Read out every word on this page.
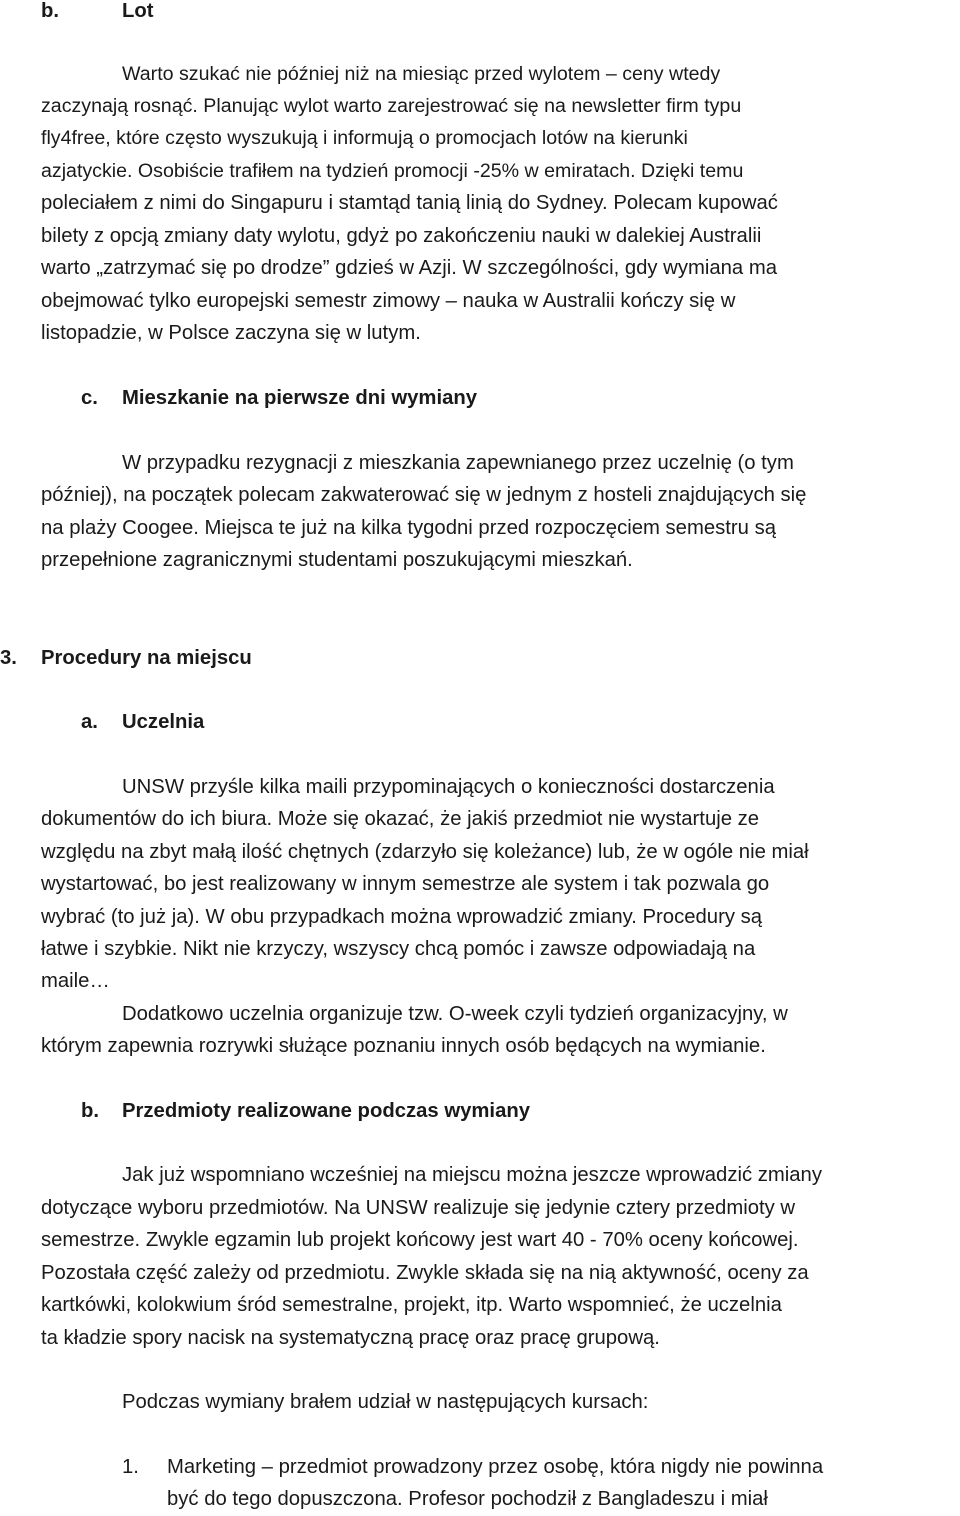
b.	Lot
Warto szukać nie później niż na miesiąc przed wylotem – ceny wtedy
zaczynają rosnąć. Planując wylot warto zarejestrować się na newsletter firm typu
fly4free, które często wyszukują i informują o promocjach lotów na kierunki
azjatyckie. Osobiście trafiłem na tydzień promocji -25% w emiratach. Dzięki temu
poleciałem z nimi do Singapuru i stamtąd tanią linią do Sydney. Polecam kupować
bilety z opcją zmiany daty wylotu, gdyż po zakończeniu nauki w dalekiej Australii
warto „zatrzymać się po drodze” gdzieś w Azji. W szczególności, gdy wymiana ma
obejmować tylko europejski semestr zimowy – nauka w Australii kończy się w
listopadzie, w Polsce zaczyna się w lutym.
c. Mieszkanie na pierwsze dni wymiany
W przypadku rezygnacji z mieszkania zapewnianego przez uczelnię (o tym
później), na początek polecam zakwaterować się w jednym z hosteli znajdujących się
na plaży Coogee. Miejsca te już na kilka tygodni przed rozpoczęciem semestru są
przepełnione zagranicznymi studentami poszukującymi mieszkań.
3. Procedury na miejscu
a. Uczelnia
UNSW przyśle kilka maili przypominających o konieczności dostarczenia
dokumentów do ich biura. Może się okazać, że jakiś przedmiot nie wystartuje ze
względu na zbyt małą ilość chętnych (zdarzyło się koleżance) lub, że w ogóle nie miał
wystartować, bo jest realizowany w innym semestrze ale system i tak pozwala go
wybrać (to już ja). W obu przypadkach można wprowadzić zmiany. Procedury są
łatwe i szybkie. Nikt nie krzyczy, wszyscy chcą pomóc i zawsze odpowiadają na
maile…
Dodatkowo uczelnia organizuje tzw. O-week czyli tydzień organizacyjny, w
którym zapewnia rozrywki służące poznaniu innych osób będących na wymianie.
b. Przedmioty realizowane podczas wymiany
Jak już wspomniano wcześniej na miejscu można jeszcze wprowadzić zmiany
dotyczące wyboru przedmiotów. Na UNSW realizuje się jedynie cztery przedmioty w
semestrze. Zwykle egzamin lub projekt końcowy jest wart 40 - 70% oceny końcowej.
Pozostała część zależy od przedmiotu. Zwykle składa się na nią aktywność, oceny za
kartkówki, kolokwium śród semestralne, projekt, itp. Warto wspomnieć, że uczelnia
ta kładzie spory nacisk na systematyczną pracę oraz pracę grupową.
Podczas wymiany brałem udział w następujących kursach:
1. Marketing – przedmiot prowadzony przez osobę, która nigdy nie powinna
być do tego dopuszczona. Profesor pochodził z Bangladeszu i miał
